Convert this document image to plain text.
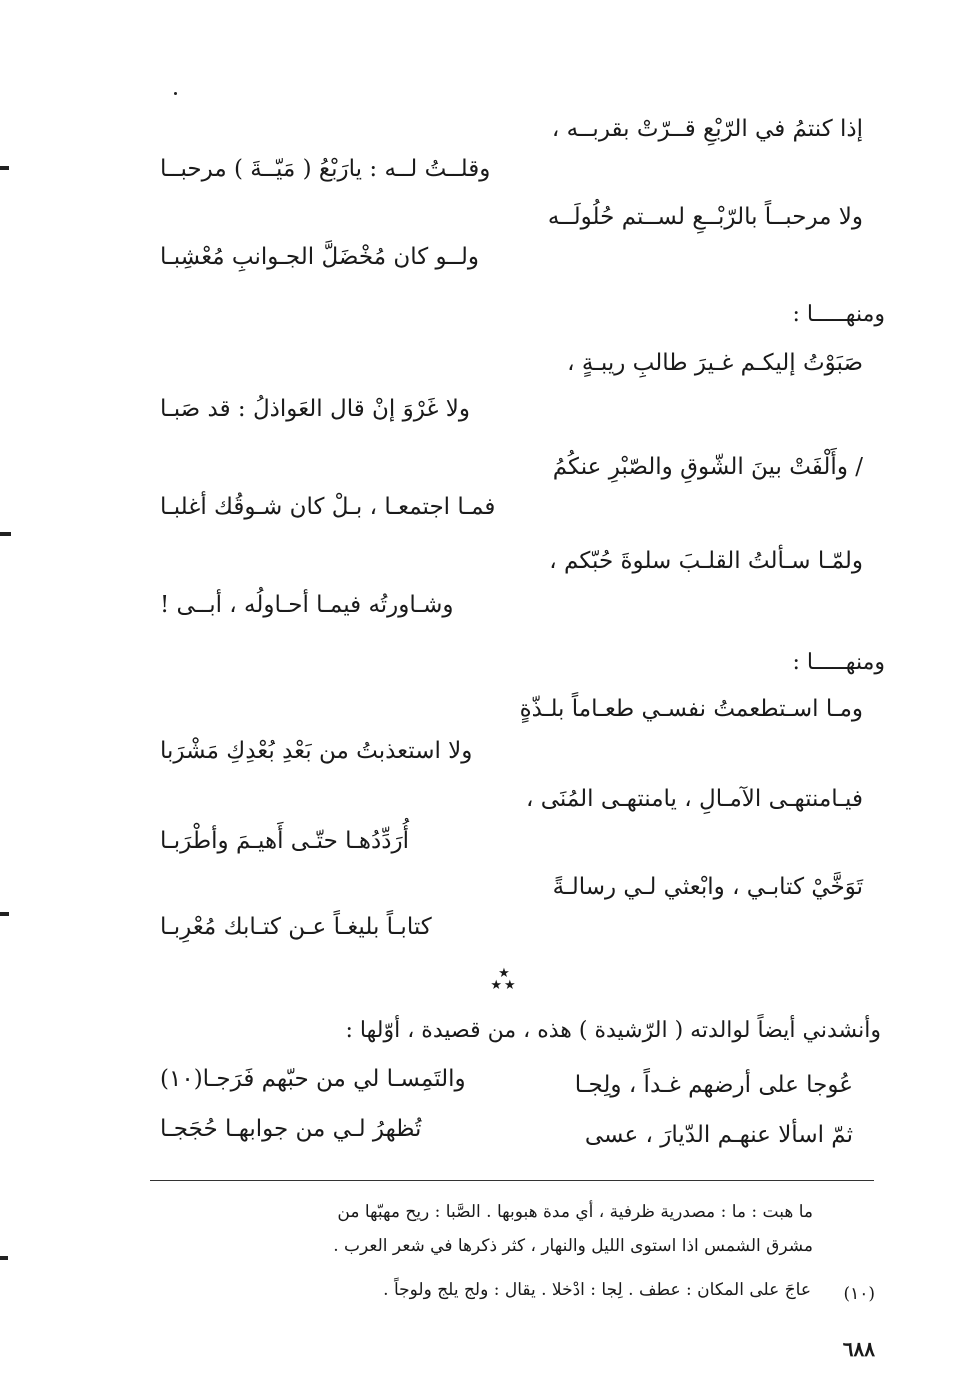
إذا كنتمُ في الرّبْعِ قــرّتْ بقربــه ،
وقلــتُ لــه : يارَبْعُ ( مَيّــةَ ) مرحبــا
ولا مرحبــاً بالرّبْــعِ لســتم حُلُولَــه
ولــو كان مُخْضَلَّ الجـوانبِ مُعْشِبـا
ومنهـــــا :
صَبَوْتُ إليكـم غـيرَ طالبِ ريبـةٍ ،
ولا غَرْوَ إنْ قال العَواذلُ : قد صَبـا
/ وأَلْفَتْ بينَ الشّوقِ والصّبْرِ عنكُمُ
فمـا اجتمعـا ، بـلْ كان شـوقُك أغلبـا
ولمّـا سـألتُ القلـبَ سلوةَ حُبّكم ،
وشـاورتُه فيمـا أحـاولُه ، أبــى !
ومنهـــــا :
ومـا اسـتطعمتُ نفسـي طعـاماً بلـذّةٍ
ولا استعذبتُ من بَعْدِ بُعْدِكِ مَشْرَبا
فيـامنتهـى الآمـالِ ، يامنتهـى المُنَى ،
أُرَدِّدُهـا حتّـى أَهيـمَ وأطْرَبـا
تَوَخَّيْ كتابـي ، وابْعثي لـي رسالـةً
كتابـاً بليغـاً عـن كتـابك مُعْرِبـا
★
★★
وأنشدني أيضاً لوالدته ( الرّشيدة ) هذه ، من قصيدة ، أوّلها :
عُوجا على أرضهم غـداً ، ولِجـا
والتَمِسـا لي من حبّهم فَرَجـا(١٠)
ثمّ اسألا عنهـم الدّيارَ ، عسى
تُظهرُ لـي من جوابهـا حُجَجـا
ما هبت : ما : مصدرية ظرفية ، أي مدة هبوبها . الصَّبا : ريح مهبّها من
مشرق الشمس اذا استوى الليل والنهار ، كثر ذكرها في شعر العرب .
(١٠)
عاجَ على المكان : عطف . لِجا : ادْخلا . يقال : ولج يلج ولوجاً .
٦٨٨
